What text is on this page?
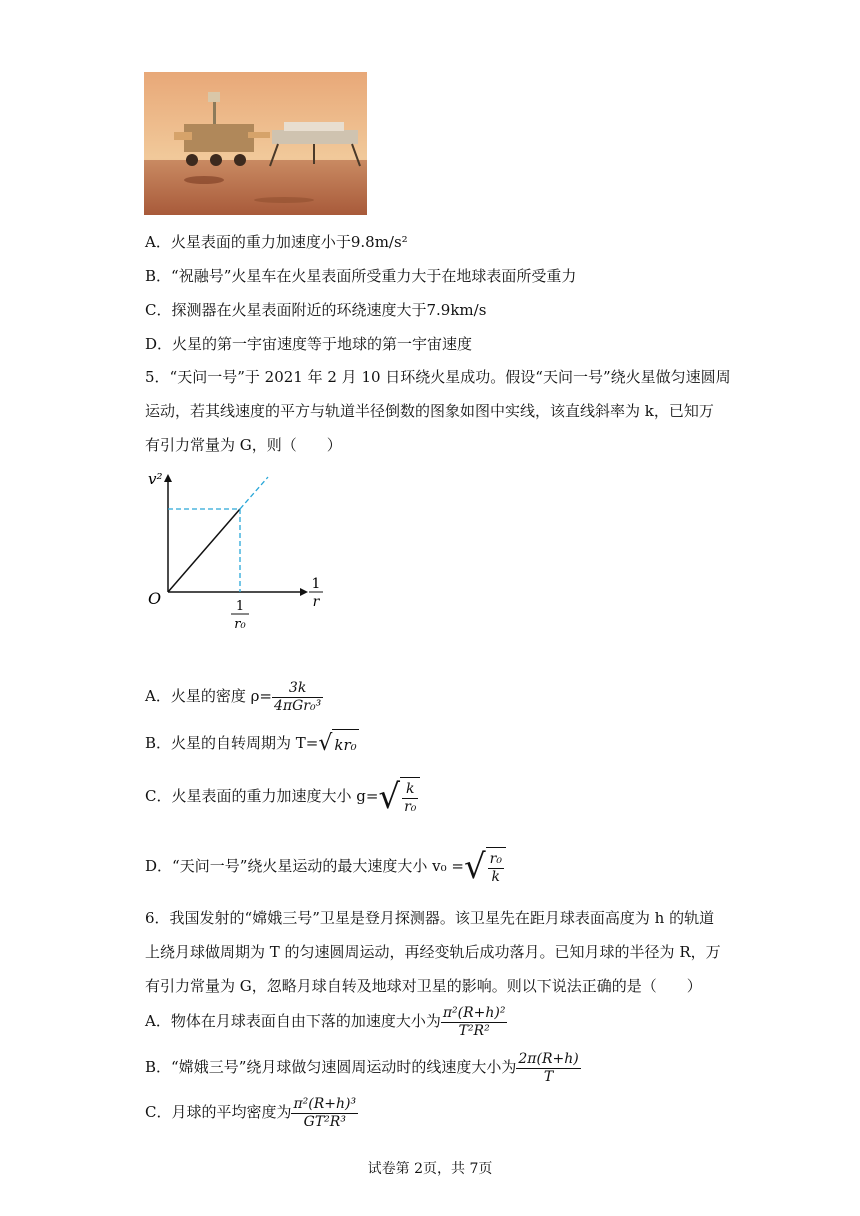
A．火星表面的重力加速度小于9.8m/s²
B．“祝融号”火星车在火星表面所受重力大于在地球表面所受重力
C．探测器在火星表面附近的环绕速度大于7.9km/s
D．火星的第一宇宙速度等于地球的第一宇宙速度
5．“天问一号”于 2021 年 2 月 10 日环绕火星成功。假设“天问一号”绕火星做匀速圆周
运动，若其线速度的平方与轨道半径倒数的图象如图中实线，该直线斜率为 k，已知万
有引力常量为 G，则（　　）
v²
O
1
r
1
r₀
A．火星的密度 $\rho= \frac{3k}{\text{4πGr₀³}}$
B．火星的自转周期为 T=√ kr₀
C．火星表面的重力加速度大小 $g=√ \frac{k}{\text{r₀}}$
D．“天问一号”绕火星运动的最大速度大小 v₀ =√ $\frac{\text{r₀}}{k}$
6．我国发射的“嫦娥三号”卫星是登月探测器。该卫星先在距月球表面高度为 h 的轨道
上绕月球做周期为 T 的匀速圆周运动，再经变轨后成功落月。已知月球的半径为 R，万
有引力常量为 G，忽略月球自转及地球对卫星的影响。则以下说法正确的是（　　）
A．物体在月球表面自由下落的加速度大小为 $\frac{\text{π²(R+h)²}}{\text{T²R²}}$
B．“嫦娥三号”绕月球做匀速圆周运动时的线速度大小为 $\frac{2\pi(R+h)}{T}$
C．月球的平均密度为 $\frac{\text{π²(R+h)³}}{\text{GT²R³}}$
试卷第 2页，共 7页
